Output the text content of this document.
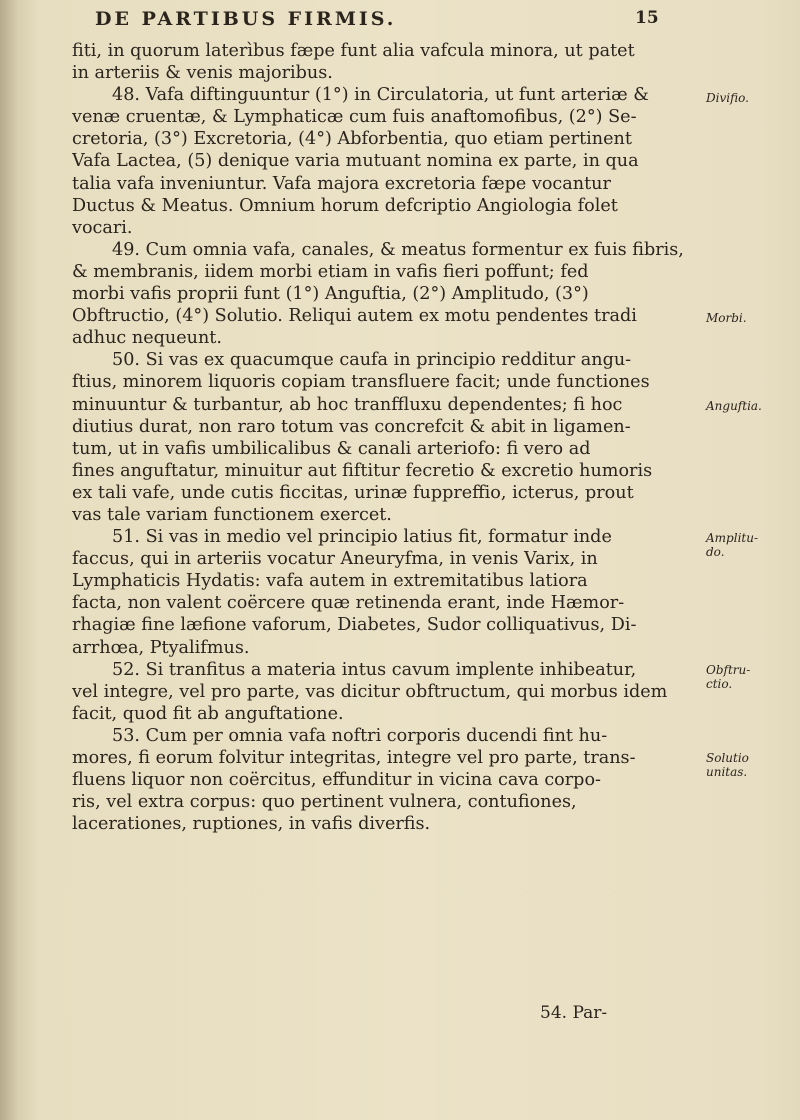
DE PARTIBUS FIRMIS.	15
fiti, in quorum laterìbus fæpe funt alia vafcula minora, ut patet
in arteriis & venis majoribus.
48. Vafa diftinguuntur (1°) in Circulatoria, ut funt arteriæ &
venæ cruentæ, & Lymphaticæ cum fuis anaftomofibus, (2°) Se-
cretoria, (3°) Excretoria, (4°) Abforbentia, quo etiam pertinent
Vafa Lactea, (5) denique varia mutuant nomina ex parte, in qua
talia vafa inveniuntur. Vafa majora excretoria fæpe vocantur
Ductus & Meatus. Omnium horum defcriptio Angiologia folet
vocari.
49. Cum omnia vafa, canales, & meatus formentur ex fuis fibris,
& membranis, iidem morbi etiam in vafis fieri poffunt; fed
morbi vafis proprii funt (1°) Anguftia, (2°) Amplitudo, (3°)
Obftructio, (4°) Solutio. Reliqui autem ex motu pendentes tradi
adhuc nequeunt.
50. Si vas ex quacumque caufa in principio redditur angu-
ftius, minorem liquoris copiam transfluere facit; unde functiones
minuuntur & turbantur, ab hoc tranffluxu dependentes; fi hoc
diutius durat, non raro totum vas concrefcit & abit in ligamen-
tum, ut in vafis umbilicalibus & canali arteriofo: fi vero ad
fines anguftatur, minuitur aut fiftitur fecretio & excretio humoris
ex tali vafe, unde cutis ficcitas, urinæ fuppreffio, icterus, prout
vas tale variam functionem exercet.
51. Si vas in medio vel principio latius fit, formatur inde
faccus, qui in arteriis vocatur Aneuryfma, in venis Varix, in
Lymphaticis Hydatis: vafa autem in extremitatibus latiora
facta, non valent coërcere quæ retinenda erant, inde Hæmor-
rhagiæ fine læfione vaforum, Diabetes, Sudor colliquativus, Di-
arrhœa, Ptyalifmus.
52. Si tranfitus a materia intus cavum implente inhibeatur,
vel integre, vel pro parte, vas dicitur obftructum, qui morbus idem
facit, quod fit ab anguftatione.
53. Cum per omnia vafa noftri corporis ducendi fint hu-
mores, fi eorum folvitur integritas, integre vel pro parte, trans-
fluens liquor non coërcitus, effunditur in vicina cava corpo-
ris, vel extra corpus: quo pertinent vulnera, contufiones,
lacerationes, ruptiones, in vafis diverfis.
54. Par-
Divifio.
Morbi.
Anguftia.
Amplitu-
do.
Obftru-
ctio.
Solutio
unitas.
